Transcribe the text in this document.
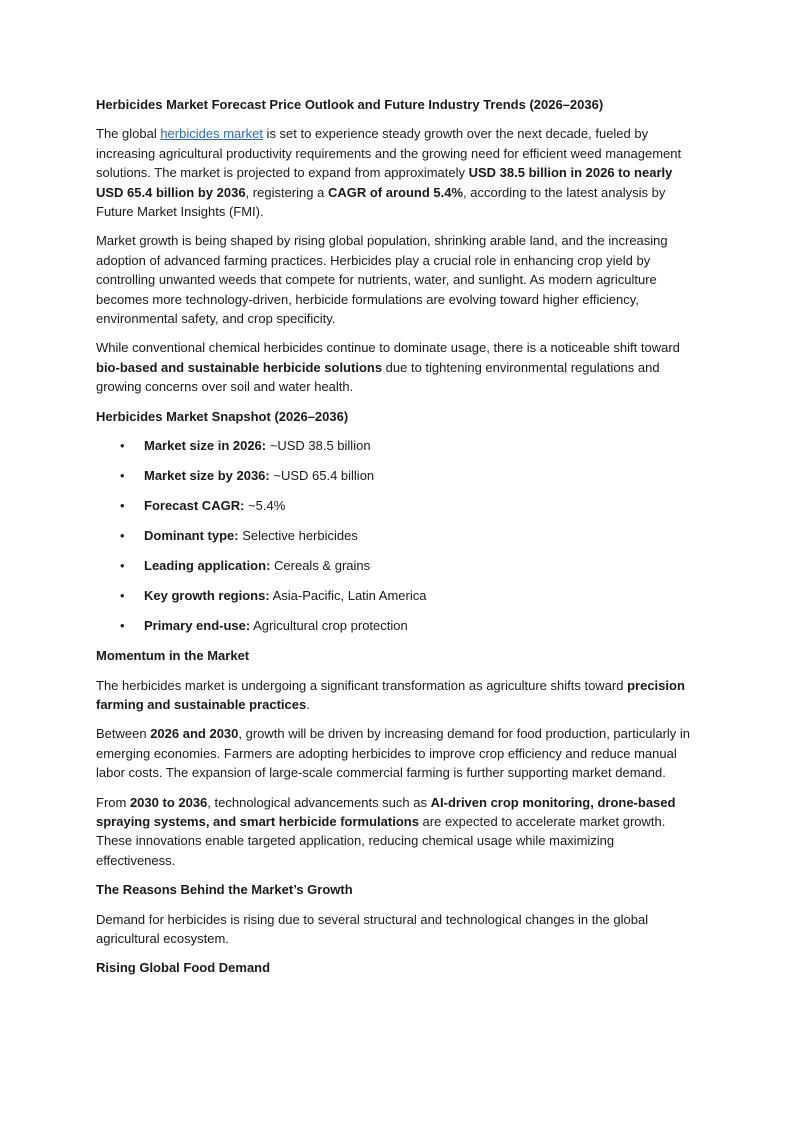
Herbicides Market Forecast Price Outlook and Future Industry Trends (2026–2036)

The global herbicides market is set to experience steady growth over the next decade, fueled by increasing agricultural productivity requirements and the growing need for efficient weed management solutions. The market is projected to expand from approximately USD 38.5 billion in 2026 to nearly USD 65.4 billion by 2036, registering a CAGR of around 5.4%, according to the latest analysis by Future Market Insights (FMI).

Market growth is being shaped by rising global population, shrinking arable land, and the increasing adoption of advanced farming practices. Herbicides play a crucial role in enhancing crop yield by controlling unwanted weeds that compete for nutrients, water, and sunlight. As modern agriculture becomes more technology-driven, herbicide formulations are evolving toward higher efficiency, environmental safety, and crop specificity.

While conventional chemical herbicides continue to dominate usage, there is a noticeable shift toward bio-based and sustainable herbicide solutions due to tightening environmental regulations and growing concerns over soil and water health.

Herbicides Market Snapshot (2026–2036)
• Market size in 2026: ~USD 38.5 billion
• Market size by 2036: ~USD 65.4 billion
• Forecast CAGR: ~5.4%
• Dominant type: Selective herbicides
• Leading application: Cereals & grains
• Key growth regions: Asia-Pacific, Latin America
• Primary end-use: Agricultural crop protection
Momentum in the Market

The herbicides market is undergoing a significant transformation as agriculture shifts toward precision farming and sustainable practices.

Between 2026 and 2030, growth will be driven by increasing demand for food production, particularly in emerging economies. Farmers are adopting herbicides to improve crop efficiency and reduce manual labor costs. The expansion of large-scale commercial farming is further supporting market demand.

From 2030 to 2036, technological advancements such as AI-driven crop monitoring, drone-based spraying systems, and smart herbicide formulations are expected to accelerate market growth. These innovations enable targeted application, reducing chemical usage while maximizing effectiveness.

The Reasons Behind the Market’s Growth

Demand for herbicides is rising due to several structural and technological changes in the global agricultural ecosystem.

Rising Global Food Demand
